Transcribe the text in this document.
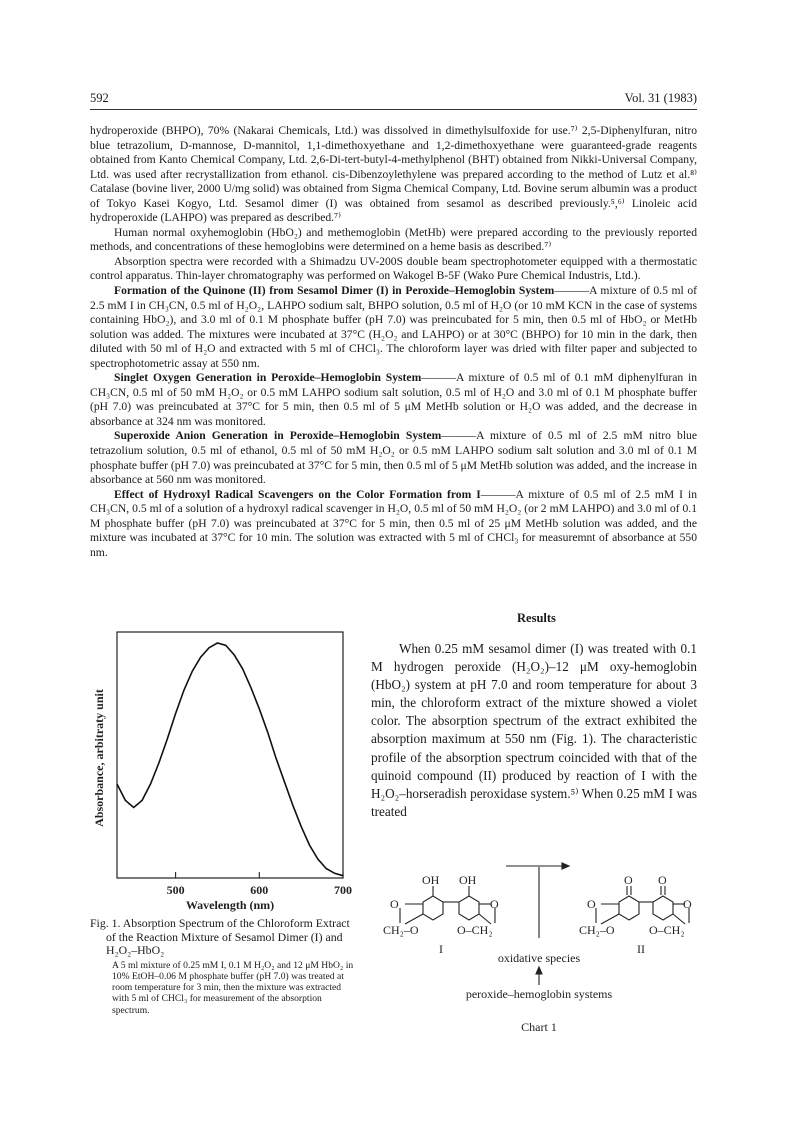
592	Vol. 31 (1983)

hydroperoxide (BHPO), 70% (Nakarai Chemicals, Ltd.) was dissolved in dimethylsulfoxide for use.⁷⁾ 2,5-Diphenylfuran, nitro blue tetrazolium, D-mannose, D-mannitol, 1,1-dimethoxyethane and 1,2-dimethoxyethane were guaranteed-grade reagents obtained from Kanto Chemical Company, Ltd. 2,6-Di-tert-butyl-4-methylphenol (BHT) obtained from Nikki-Universal Company, Ltd. was used after recrystallization from ethanol. cis-Dibenzoylethylene was prepared according to the method of Lutz et al.⁸⁾ Catalase (bovine liver, 2000 U/mg solid) was obtained from Sigma Chemical Company, Ltd. Bovine serum albumin was a product of Tokyo Kasei Kogyo, Ltd. Sesamol dimer (I) was obtained from sesamol as described previously.⁵,⁶⁾ Linoleic acid hydroperoxide (LAHPO) was prepared as described.⁷⁾

Human normal oxyhemoglobin (HbO₂) and methemoglobin (MetHb) were prepared according to the previously reported methods, and concentrations of these hemoglobins were determined on a heme basis as described.⁷⁾

Absorption spectra were recorded with a Shimadzu UV-200S double beam spectrophotometer equipped with a thermostatic control apparatus. Thin-layer chromatography was performed on Wakogel B-5F (Wako Pure Chemical Industris, Ltd.).

Formation of the Quinone (II) from Sesamol Dimer (I) in Peroxide–Hemoglobin System———A mixture of 0.5 ml of 2.5 mM I in CH₃CN, 0.5 ml of H₂O₂, LAHPO sodium salt, BHPO solution, 0.5 ml of H₂O (or 10 mM KCN in the case of systems containing HbO₂), and 3.0 ml of 0.1 M phosphate buffer (pH 7.0) was preincubated for 5 min, then 0.5 ml of HbO₂ or MetHb solution was added. The mixtures were incubated at 37°C (H₂O₂ and LAHPO) or at 30°C (BHPO) for 10 min in the dark, then diluted with 50 ml of H₂O and extracted with 5 ml of CHCl₃. The chloroform layer was dried with filter paper and subjected to spectrophotometric assay at 550 nm.

Singlet Oxygen Generation in Peroxide–Hemoglobin System———A mixture of 0.5 ml of 0.1 mM diphenylfuran in CH₃CN, 0.5 ml of 50 mM H₂O₂ or 0.5 mM LAHPO sodium salt solution, 0.5 ml of H₂O and 3.0 ml of 0.1 M phosphate buffer (pH 7.0) was preincubated at 37°C for 5 min, then 0.5 ml of 5 μM MetHb solution or H₂O was added, and the decrease in absorbance at 324 nm was monitored.

Superoxide Anion Generation in Peroxide–Hemoglobin System———A mixture of 0.5 ml of 2.5 mM nitro blue tetrazolium solution, 0.5 ml of ethanol, 0.5 ml of 50 mM H₂O₂ or 0.5 mM LAHPO sodium salt solution and 3.0 ml of 0.1 M phosphate buffer (pH 7.0) was preincubated at 37°C for 5 min, then 0.5 ml of 5 μM MetHb solution was added, and the increase in absorbance at 560 nm was monitored.

Effect of Hydroxyl Radical Scavengers on the Color Formation from I———A mixture of 0.5 ml of 2.5 mM I in CH₃CN, 0.5 ml of a solution of a hydroxyl radical scavenger in H₂O, 0.5 ml of 50 mM H₂O₂ (or 2 mM LAHPO) and 3.0 ml of 0.1 M phosphate buffer (pH 7.0) was preincubated at 37°C for 5 min, then 0.5 ml of 25 μM MetHb solution was added, and the mixture was incubated at 37°C for 10 min. The solution was extracted with 5 ml of CHCl₃ for measuremnt of absorbance at 550 nm.

Results

When 0.25 mM sesamol dimer (I) was treated with 0.1 M hydrogen peroxide (H₂O₂)–12 μM oxy-hemoglobin (HbO₂) system at pH 7.0 and room temperature for about 3 min, the chloroform extract of the mixture showed a violet color. The absorption spectrum of the extract exhibited the absorption maximum at 550 nm (Fig. 1). The characteristic profile of the absorption spectrum coincided with that of the quinoid compound (II) produced by reaction of I with the H₂O₂–horseradish peroxidase system.⁵⁾ When 0.25 mM I was treated

500	600	700
Absorbance, arbitraty unit
Wavelength (nm)
Fig. 1. Absorption Spectrum of the Chloroform Extract of the Reaction Mixture of Sesamol Dimer (I) and H₂O₂–HbO₂
A 5 ml mixture of 0.25 mM I, 0.1 M H₂O₂ and 12 μM HbO₂ in 10% EtOH–0.06 M phosphate buffer (pH 7.0) was treated at room temperature for 3 min, then the mixture was extracted with 5 ml of CHCl₃ for measurement of the absorption spectrum.
OH OH
O	O
CH₂–O	O–CH₂
I
oxidative species
peroxide–hemoglobin systems
O O
O	O
CH₂–O	O–CH₂
II
Chart 1
